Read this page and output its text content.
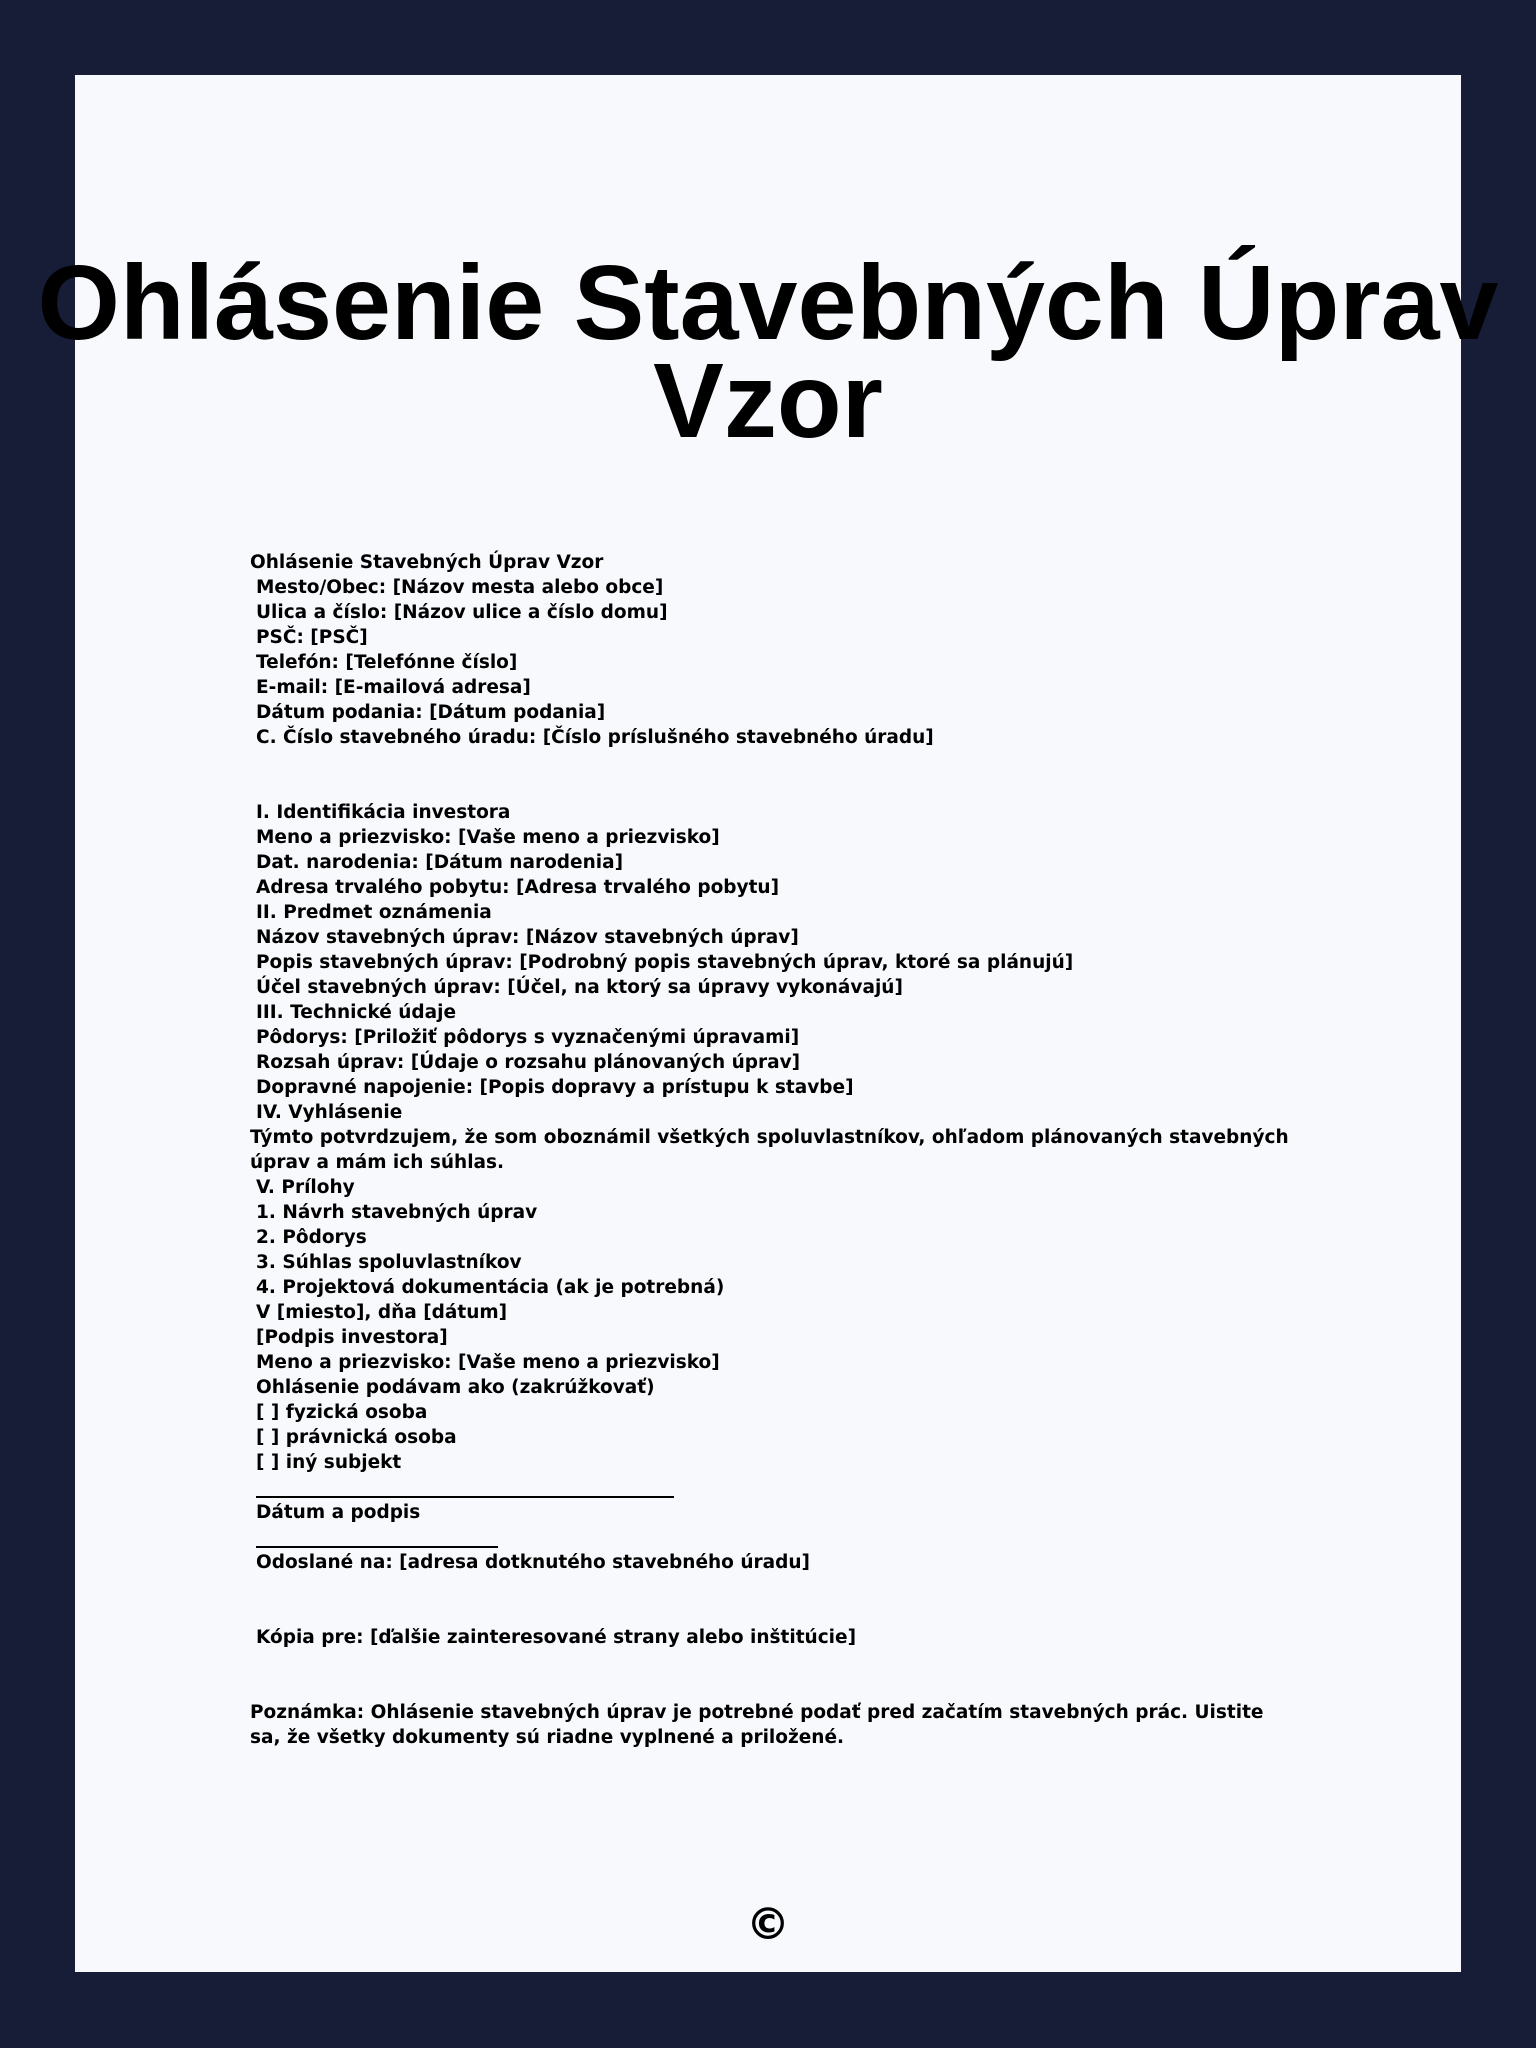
Ohlásenie Stavebných Úprav
Vzor
Ohlásenie Stavebných Úprav Vzor
Mesto/Obec: [Názov mesta alebo obce]
Ulica a číslo: [Názov ulice a číslo domu]
PSČ: [PSČ]
Telefón: [Telefónne číslo]
E-mail: [E-mailová adresa]
Dátum podania: [Dátum podania]
C. Číslo stavebného úradu: [Číslo príslušného stavebného úradu]
I. Identifikácia investora
Meno a priezvisko: [Vaše meno a priezvisko]
Dat. narodenia: [Dátum narodenia]
Adresa trvalého pobytu: [Adresa trvalého pobytu]
II. Predmet oznámenia
Názov stavebných úprav: [Názov stavebných úprav]
Popis stavebných úprav: [Podrobný popis stavebných úprav, ktoré sa plánujú]
Účel stavebných úprav: [Účel, na ktorý sa úpravy vykonávajú]
III. Technické údaje
Pôdorys: [Priložiť pôdorys s vyznačenými úpravami]
Rozsah úprav: [Údaje o rozsahu plánovaných úprav]
Dopravné napojenie: [Popis dopravy a prístupu k stavbe]
IV. Vyhlásenie
Týmto potvrdzujem, že som oboznámil všetkých spoluvlastníkov, ohľadom plánovaných stavebných úprav a mám ich súhlas.
V. Prílohy
1. Návrh stavebných úprav
2. Pôdorys
3. Súhlas spoluvlastníkov
4. Projektová dokumentácia (ak je potrebná)
V [miesto], dňa [dátum]
[Podpis investora]
Meno a priezvisko: [Vaše meno a priezvisko]
Ohlásenie podávam ako (zakrúžkovať)
[ ] fyzická osoba
[ ] právnická osoba
[ ] iný subjekt
Dátum a podpis
Odoslané na: [adresa dotknutého stavebného úradu]
Kópia pre: [ďalšie zainteresované strany alebo inštitúcie]
Poznámka: Ohlásenie stavebných úprav je potrebné podať pred začatím stavebných prác. Uistite sa, že všetky dokumenty sú riadne vyplnené a priložené.
©
